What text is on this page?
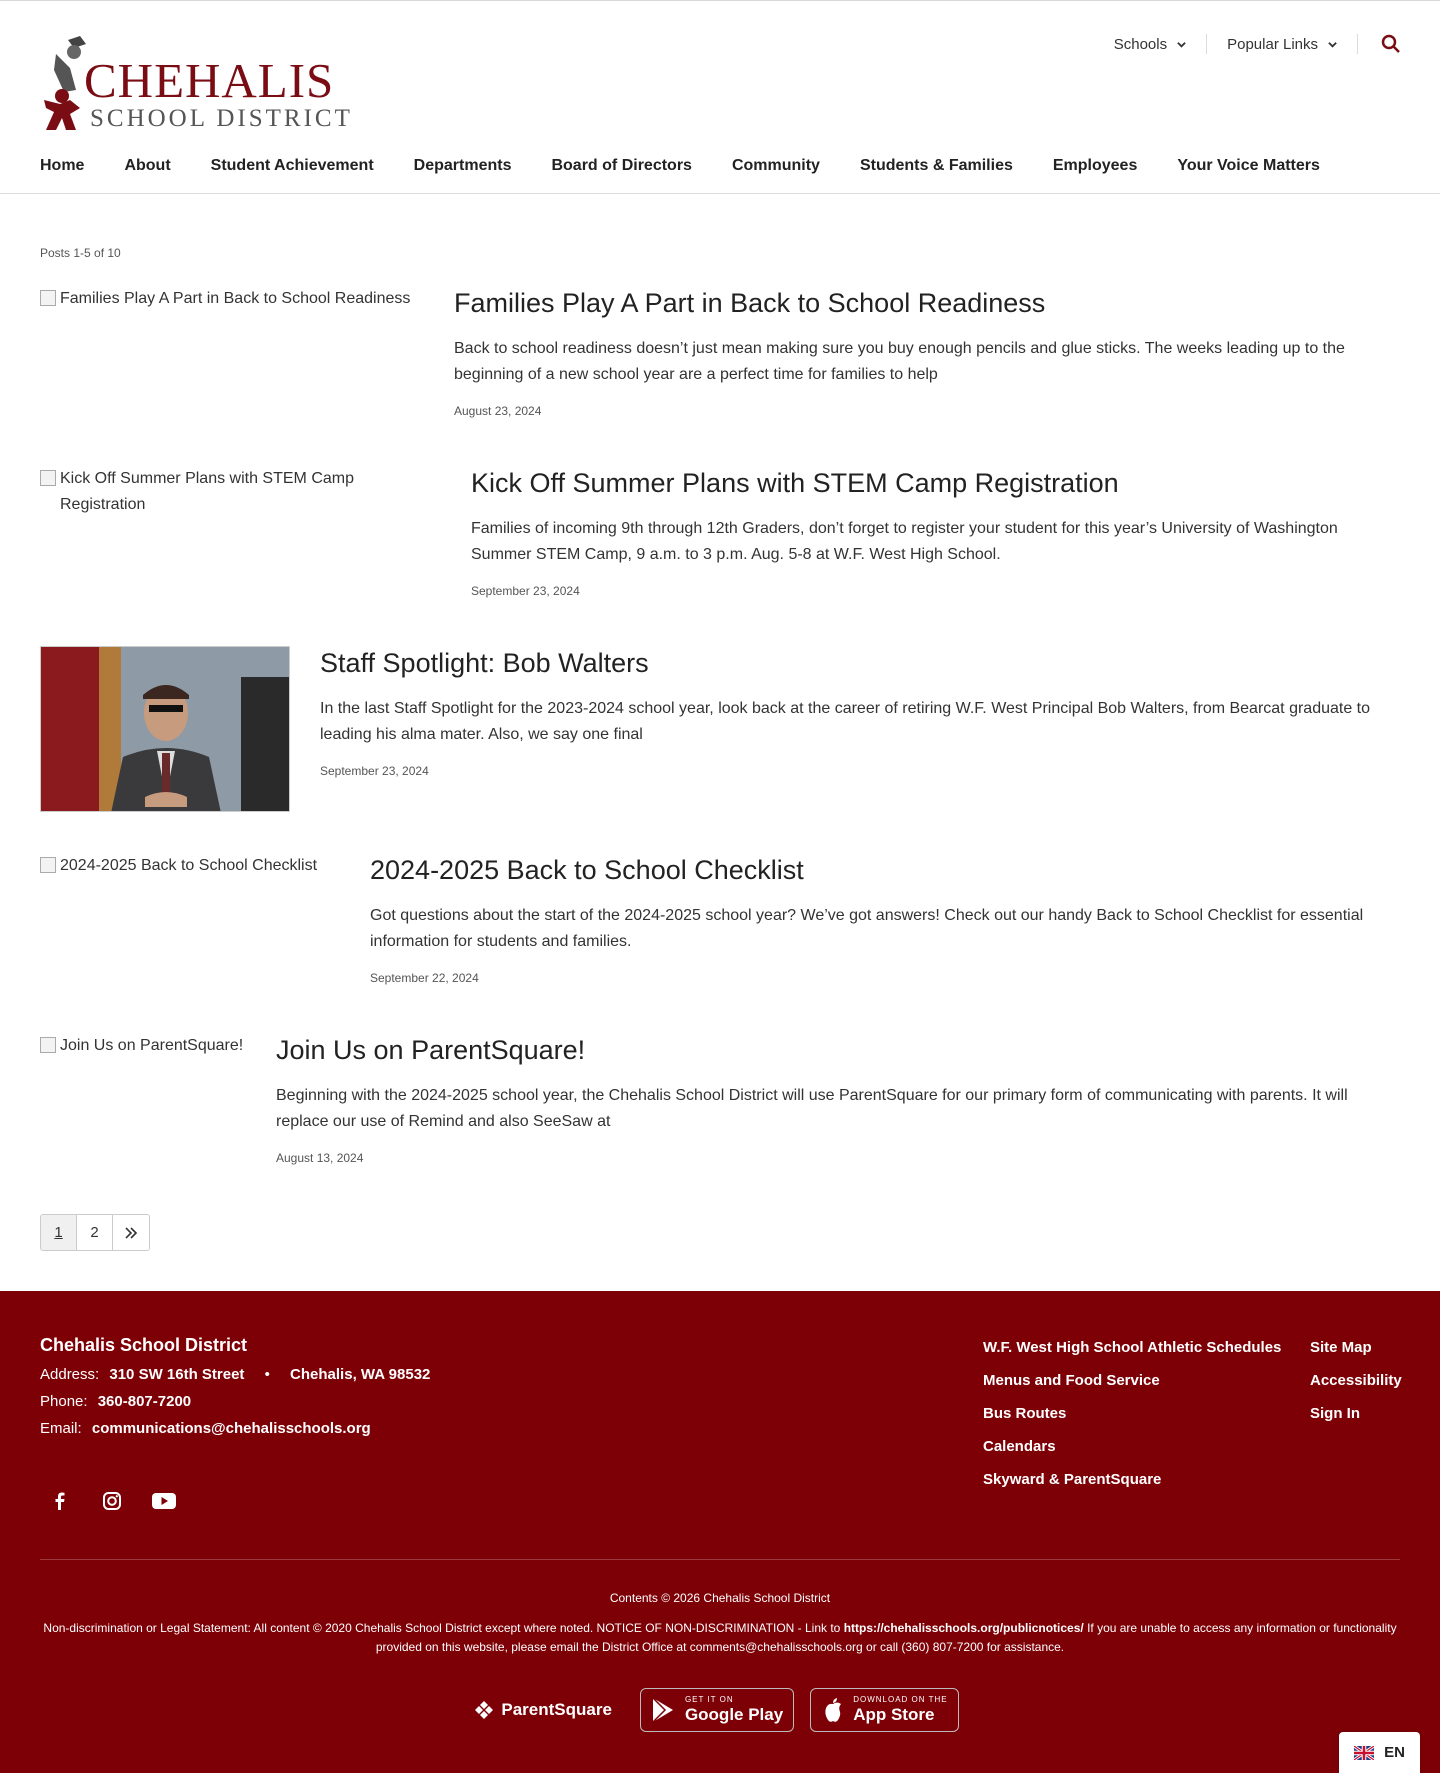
CHEHALIS
SCHOOL DISTRICT
Schools	Popular Links
Home	About	Student Achievement	Departments	Board of Directors	Community	Students & Families	Employees	Your Voice Matters
Posts 1-5 of 10
Families Play A Part in Back to School Readiness Families Play A Part in Back to School Readiness

Back to school readiness doesn’t just mean making sure you buy enough pencils and glue sticks. The weeks leading up to the beginning of a new school year are a perfect time for families to help

August 23, 2024
Kick Off Summer Plans with STEM Camp Registration
Kick Off Summer Plans with STEM Camp Registration

Families of incoming 9th through 12th Graders, don’t forget to register your student for this year’s University of Washington Summer STEM Camp, 9 a.m. to 3 p.m. Aug. 5-8 at W.F. West High School.

September 23, 2024
Staff Spotlight: Bob Walters

In the last Staff Spotlight for the 2023-2024 school year, look back at the career of retiring W.F. West Principal Bob Walters, from Bearcat graduate to leading his alma mater. Also, we say one final

September 23, 2024
2024-2025 Back to School Checklist 2024-2025 Back to School Checklist

Got questions about the start of the 2024-2025 school year? We’ve got answers! Check out our handy Back to School Checklist for essential information for students and families.

September 22, 2024
Join Us on ParentSquare! Join Us on ParentSquare!

Beginning with the 2024-2025 school year, the Chehalis School District will use ParentSquare for our primary form of communicating with parents. It will replace our use of Remind and also SeeSaw at

August 13, 2024
1	2
Chehalis School District
Address: 310 SW 16th Street • Chehalis, WA 98532
Phone: 360-807-7200
Email: communications@chehalisschools.org
W.F. West High School Athletic Schedules
Menus and Food Service
Bus Routes
Calendars
Skyward & ParentSquare
Site Map
Accessibility
Sign In
Contents © 2026 Chehalis School District
Non-discrimination or Legal Statement: All content © 2020 Chehalis School District except where noted. NOTICE OF NON-DISCRIMINATION - Link to https://chehalisschools.org/publicnotices/ If you are unable to access any information or functionality provided on this website, please email the District Office at comments@chehalisschools.org or call (360) 807-7200 for assistance.
ParentSquare
GET IT ON
Google Play
DOWNLOAD ON THE
App Store
EN
